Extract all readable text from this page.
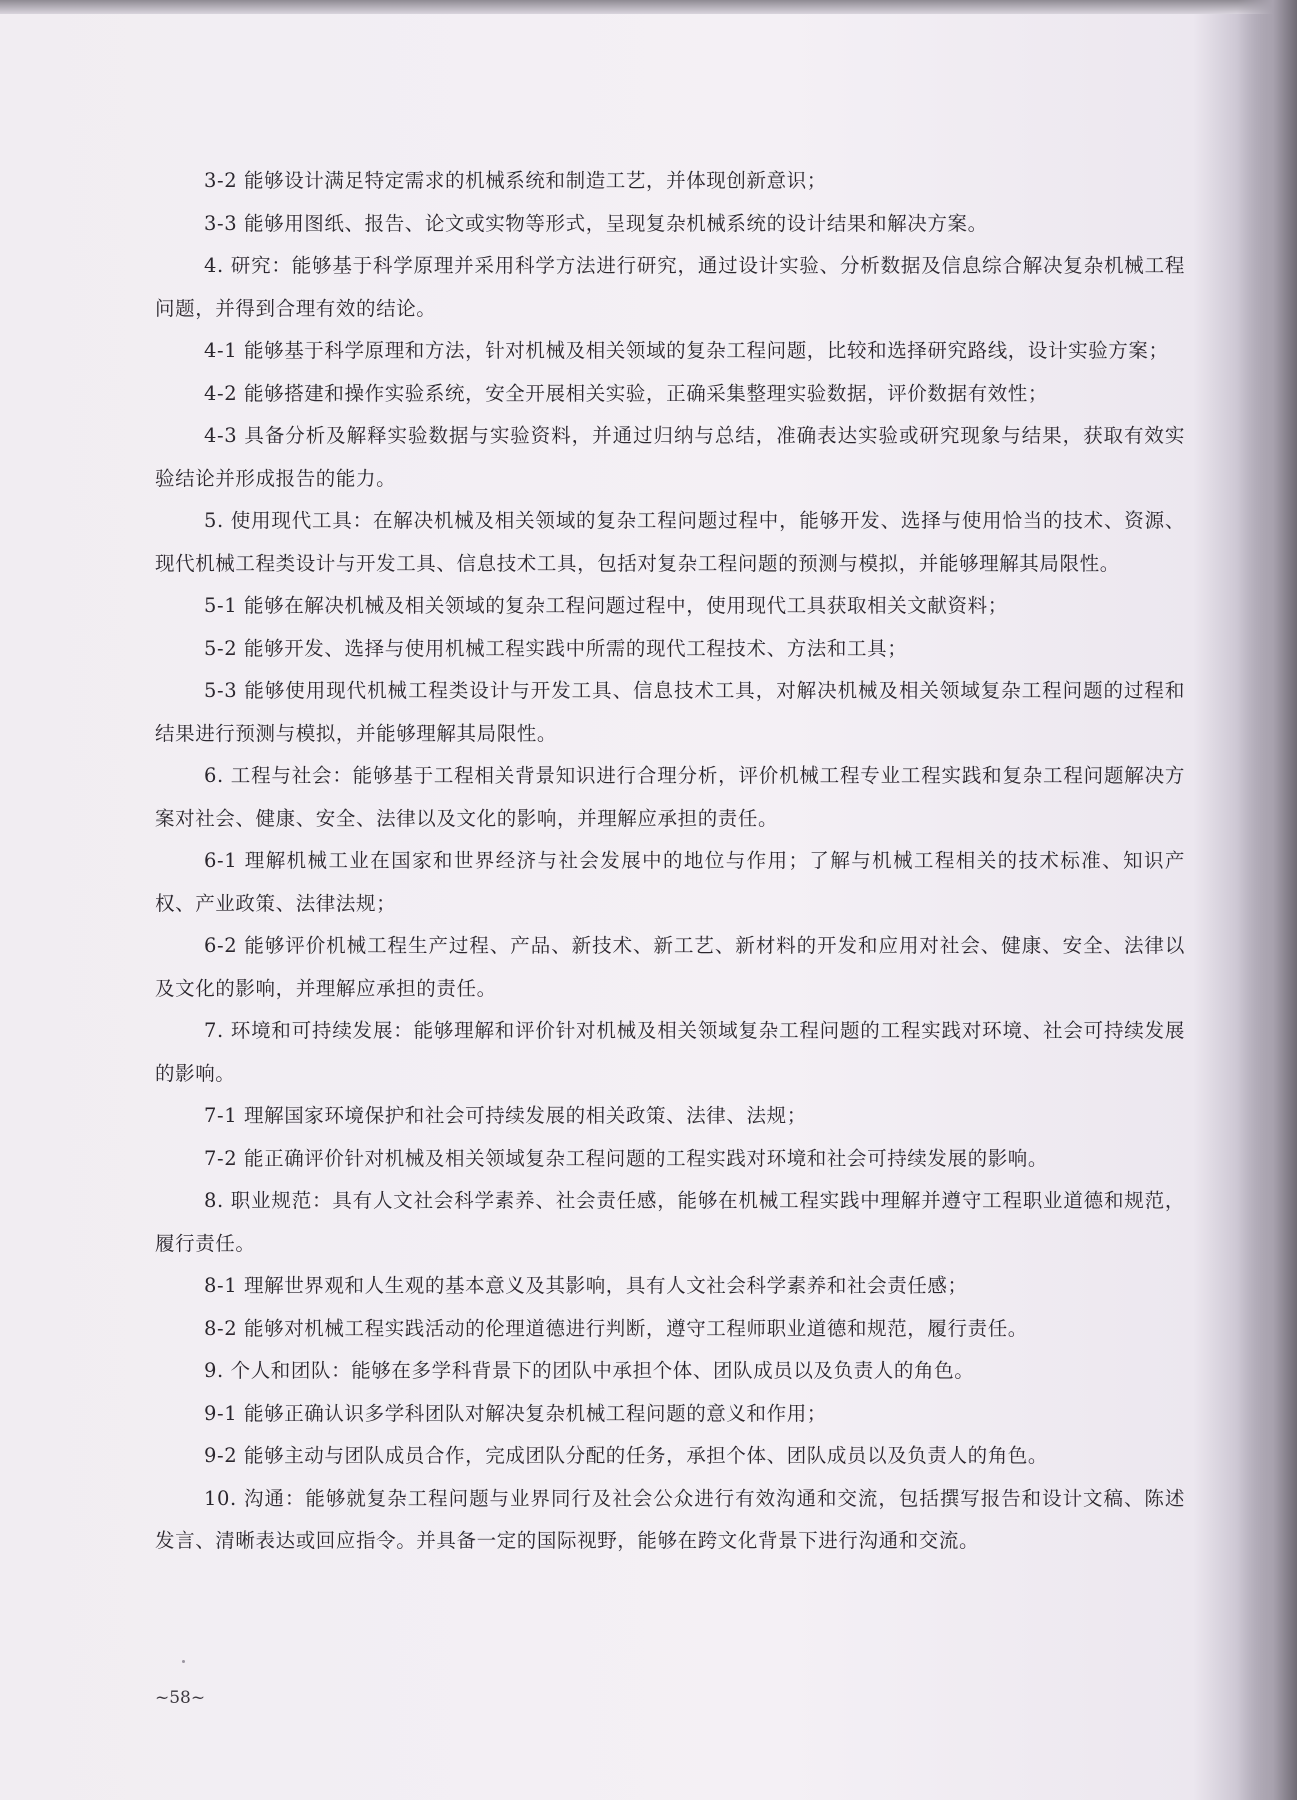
3-2 能够设计满足特定需求的机械系统和制造工艺，并体现创新意识；

3-3 能够用图纸、报告、论文或实物等形式，呈现复杂机械系统的设计结果和解决方案。

4. 研究：能够基于科学原理并采用科学方法进行研究，通过设计实验、分析数据及信息综合解决复杂机械工程问题，并得到合理有效的结论。

4-1 能够基于科学原理和方法，针对机械及相关领域的复杂工程问题，比较和选择研究路线，设计实验方案；

4-2 能够搭建和操作实验系统，安全开展相关实验，正确采集整理实验数据，评价数据有效性；

4-3 具备分析及解释实验数据与实验资料，并通过归纳与总结，准确表达实验或研究现象与结果，获取有效实验结论并形成报告的能力。

5. 使用现代工具：在解决机械及相关领域的复杂工程问题过程中，能够开发、选择与使用恰当的技术、资源、现代机械工程类设计与开发工具、信息技术工具，包括对复杂工程问题的预测与模拟，并能够理解其局限性。

5-1 能够在解决机械及相关领域的复杂工程问题过程中，使用现代工具获取相关文献资料；

5-2 能够开发、选择与使用机械工程实践中所需的现代工程技术、方法和工具；

5-3 能够使用现代机械工程类设计与开发工具、信息技术工具，对解决机械及相关领域复杂工程问题的过程和结果进行预测与模拟，并能够理解其局限性。

6. 工程与社会：能够基于工程相关背景知识进行合理分析，评价机械工程专业工程实践和复杂工程问题解决方案对社会、健康、安全、法律以及文化的影响，并理解应承担的责任。

6-1 理解机械工业在国家和世界经济与社会发展中的地位与作用；了解与机械工程相关的技术标准、知识产权、产业政策、法律法规；

6-2 能够评价机械工程生产过程、产品、新技术、新工艺、新材料的开发和应用对社会、健康、安全、法律以及文化的影响，并理解应承担的责任。

7. 环境和可持续发展：能够理解和评价针对机械及相关领域复杂工程问题的工程实践对环境、社会可持续发展的影响。

7-1 理解国家环境保护和社会可持续发展的相关政策、法律、法规；

7-2 能正确评价针对机械及相关领域复杂工程问题的工程实践对环境和社会可持续发展的影响。

8. 职业规范：具有人文社会科学素养、社会责任感，能够在机械工程实践中理解并遵守工程职业道德和规范，履行责任。

8-1 理解世界观和人生观的基本意义及其影响，具有人文社会科学素养和社会责任感；

8-2 能够对机械工程实践活动的伦理道德进行判断，遵守工程师职业道德和规范，履行责任。

9. 个人和团队：能够在多学科背景下的团队中承担个体、团队成员以及负责人的角色。

9-1 能够正确认识多学科团队对解决复杂机械工程问题的意义和作用；

9-2 能够主动与团队成员合作，完成团队分配的任务，承担个体、团队成员以及负责人的角色。

10. 沟通：能够就复杂工程问题与业界同行及社会公众进行有效沟通和交流，包括撰写报告和设计文稿、陈述发言、清晰表达或回应指令。并具备一定的国际视野，能够在跨文化背景下进行沟通和交流。

~58~
